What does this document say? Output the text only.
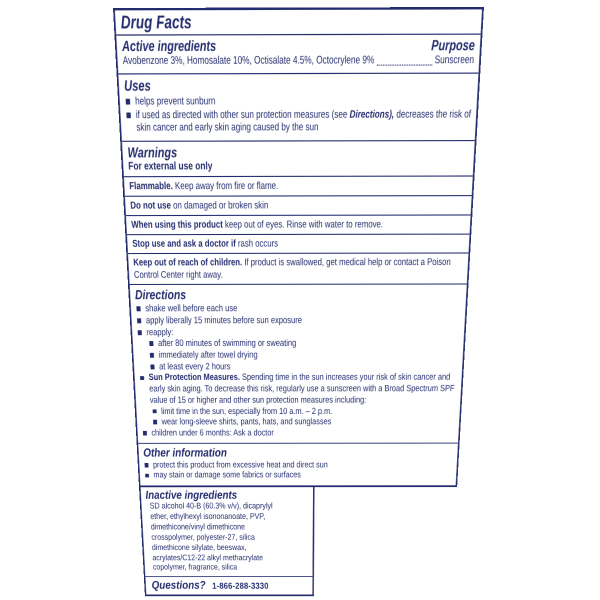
Drug Facts
Active ingredients	Purpose
Avobenzone 3%, Homosalate 10%, Octisalate 4.5%, Octocrylene 9%	Sunscreen
Uses
helps prevent sunburn
if used as directed with other sun protection measures (see Directions), decreases the risk of skin cancer and early skin aging caused by the sun
Warnings
For external use only
Flammable. Keep away from fire or flame.
Do not use on damaged or broken skin
When using this product keep out of eyes. Rinse with water to remove.
Stop use and ask a doctor if rash occurs
Keep out of reach of children. If product is swallowed, get medical help or contact a Poison Control Center right away.
Directions
shake well before each use
apply liberally 15 minutes before sun exposure
reapply:
after 80 minutes of swimming or sweating
immediately after towel drying
at least every 2 hours
Sun Protection Measures. Spending time in the sun increases your risk of skin cancer and early skin aging. To decrease this risk, regularly use a sunscreen with a Broad Spectrum SPF value of 15 or higher and other sun protection measures including:
limit time in the sun, especially from 10 a.m. – 2 p.m.
wear long-sleeve shirts, pants, hats, and sunglasses
children under 6 months: Ask a doctor
Other information
protect this product from excessive heat and direct sun
may stain or damage some fabrics or surfaces
Inactive ingredients
SD alcohol 40-B (60.3% v/v), dicaprylyl
ether, ethylhexyl isononanoate, PVP,
dimethicone/vinyl dimethicone
crosspolymer, polyester-27, silica
dimethicone silylate, beeswax,
acrylates/C12-22 alkyl methacrylate
copolymer, fragrance, silica
Questions? 1-866-288-3330
